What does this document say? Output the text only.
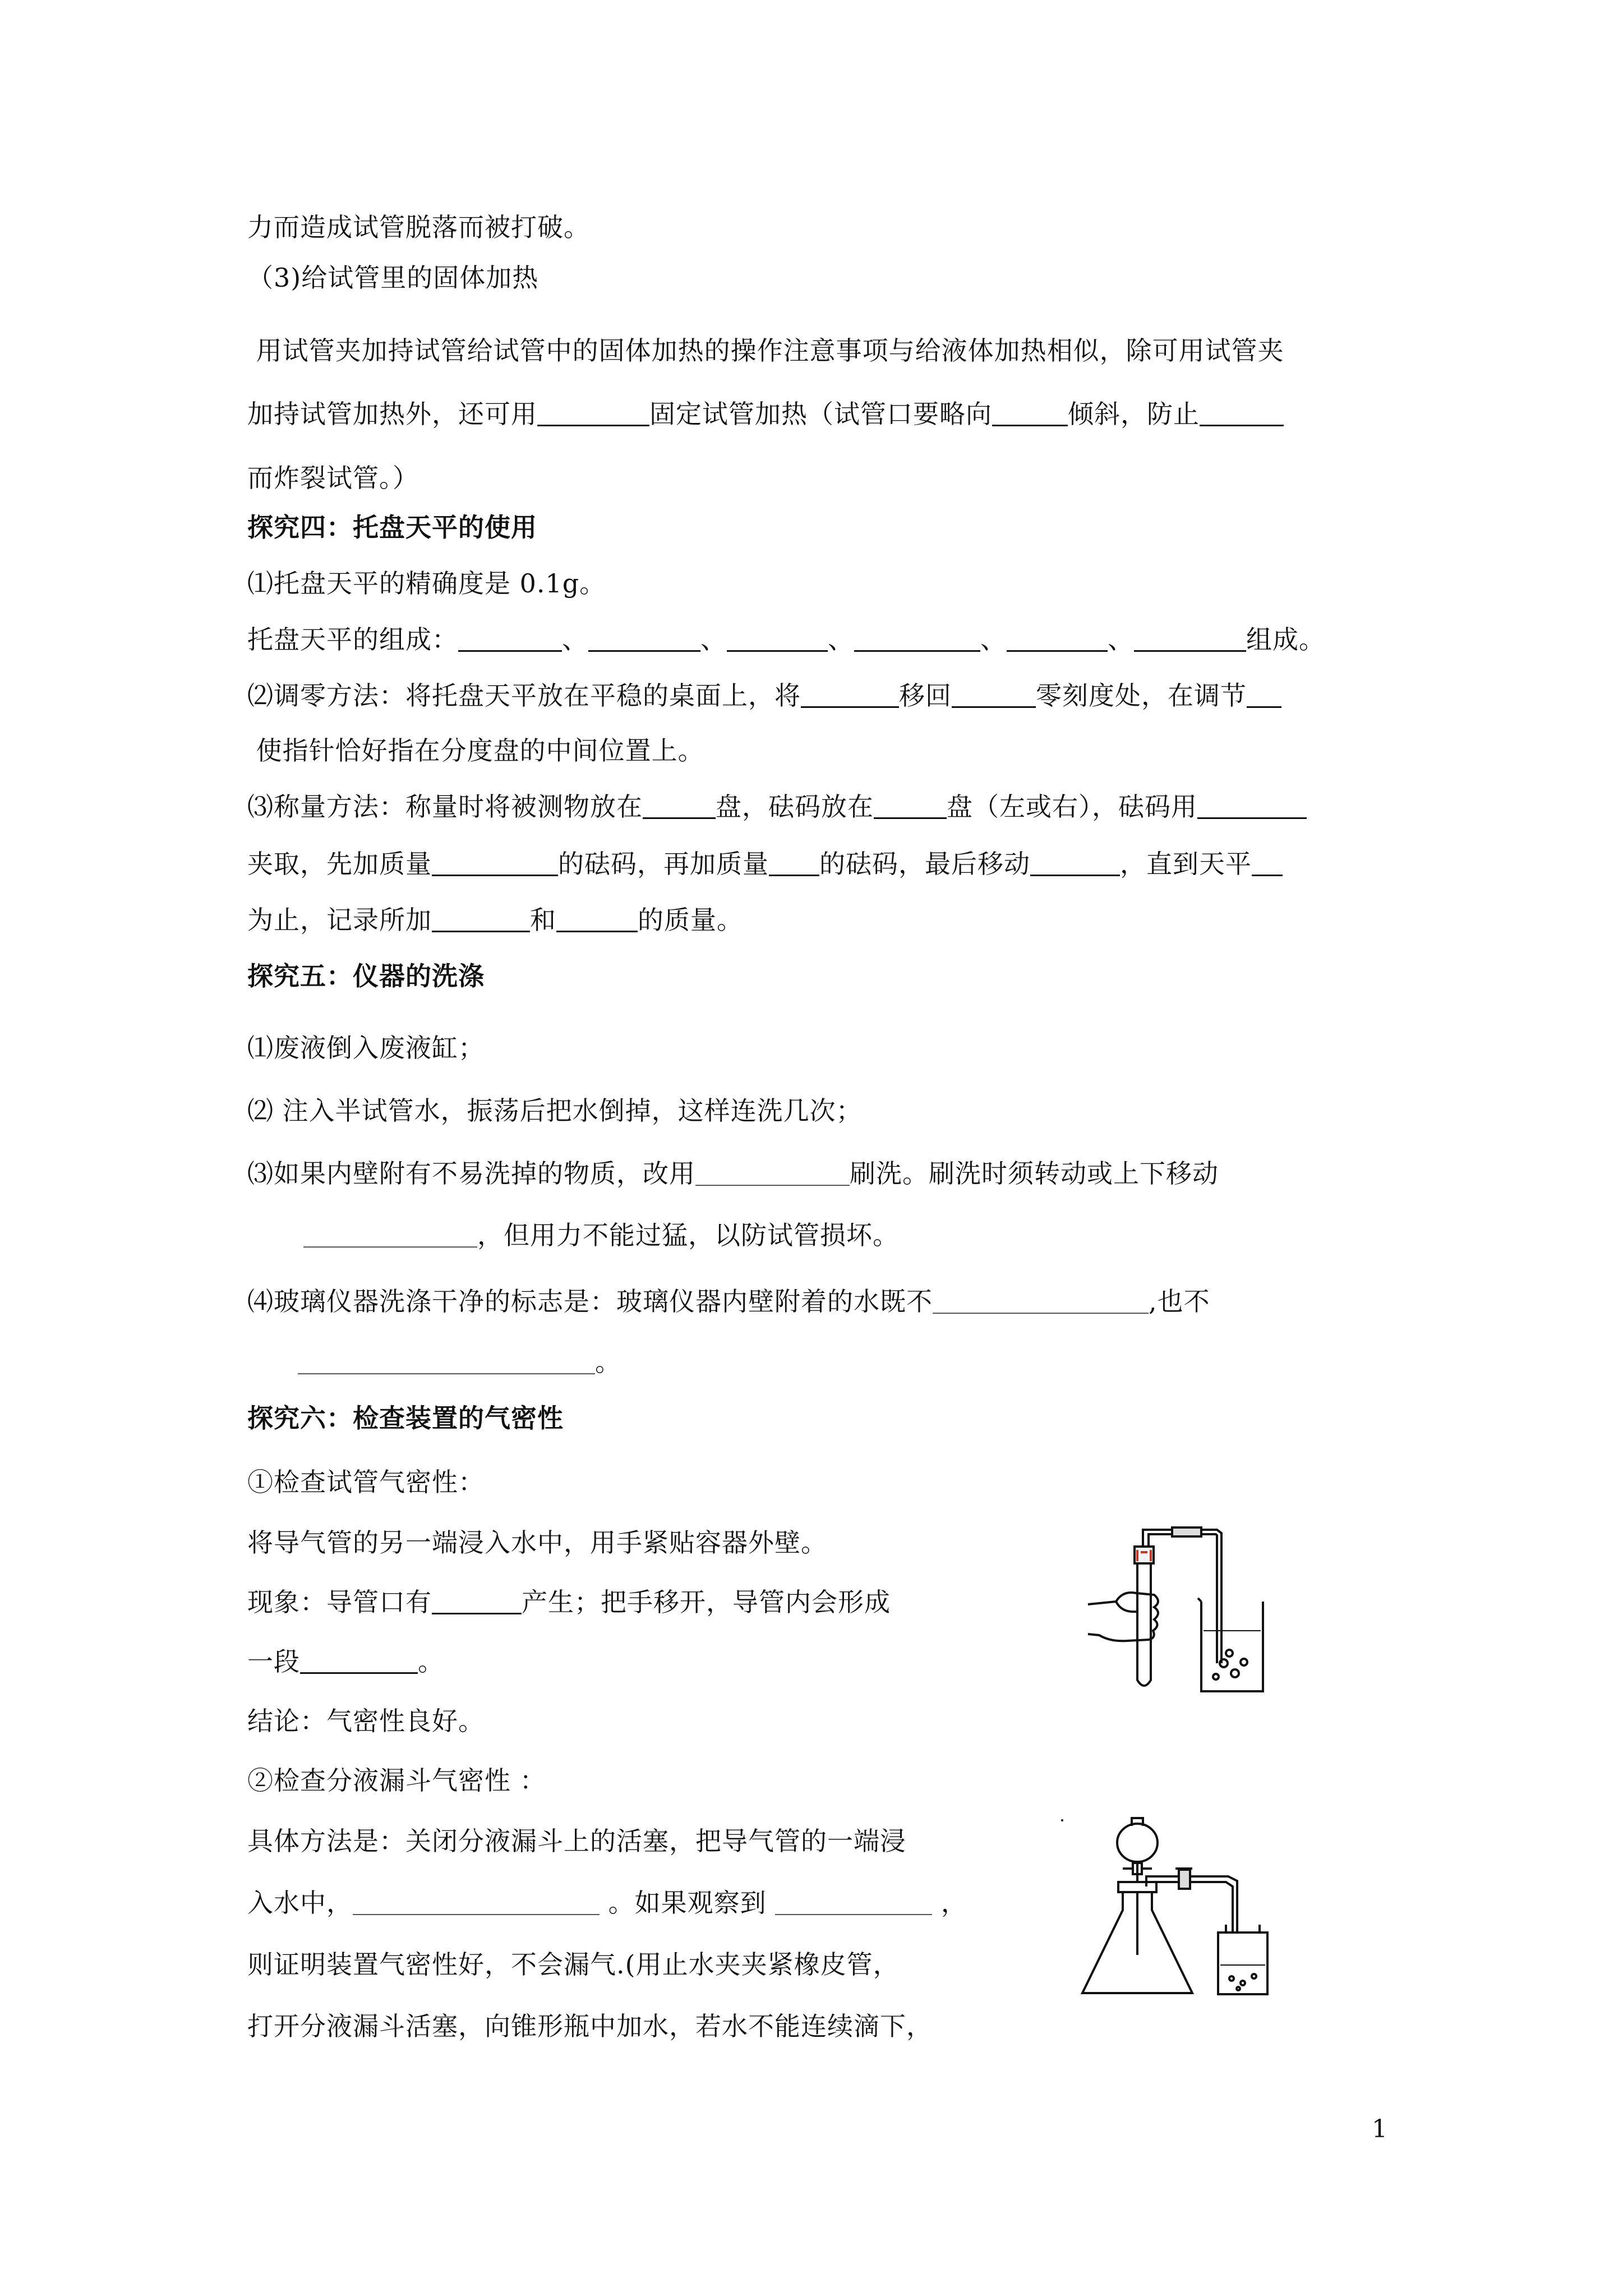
力而造成试管脱落而被打破。
（3)给试管里的固体加热
用试管夹加持试管给试管中的固体加热的操作注意事项与给液体加热相似，除可用试管夹
加持试管加热外，还可用	固定试管加热（试管口要略向	倾斜，防止
而炸裂试管。）
探究四：托盘天平的使用
⑴托盘天平的精确度是 0.1g。
托盘天平的组成：	、	、	、	、	、	组成。
⑵调零方法：将托盘天平放在平稳的桌面上，将	移回	零刻度处，在调节
使指针恰好指在分度盘的中间位置上。
⑶称量方法：称量时将被测物放在	盘，砝码放在	盘（左或右），砝码用
夹取，先加质量	的砝码，再加质量 的砝码，最后移动	，直到天平
为止，记录所加	和	的质量。
探究五：仪器的洗涤
⑴废液倒入废液缸；
⑵ 注入半试管水，振荡后把水倒掉，这样连洗几次；
⑶如果内壁附有不易洗掉的物质，改用	刷洗。刷洗时须转动或上下移动
，但用力不能过猛，以防试管损坏。
⑷玻璃仪器洗涤干净的标志是：玻璃仪器内壁附着的水既不	,也不
。
探究六：检查装置的气密性
①检查试管气密性：
将导气管的另一端浸入水中，用手紧贴容器外壁。
现象：导管口有	产生；把手移开，导管内会形成
一段	。
结论：气密性良好。
②检查分液漏斗气密性 ：
具体方法是：关闭分液漏斗上的活塞，把导气管的一端浸
入水中，	。如果观察到	，
则证明装置气密性好，不会漏气.(用止水夹夹紧橡皮管，
打开分液漏斗活塞，向锥形瓶中加水，若水不能连续滴下，
1
